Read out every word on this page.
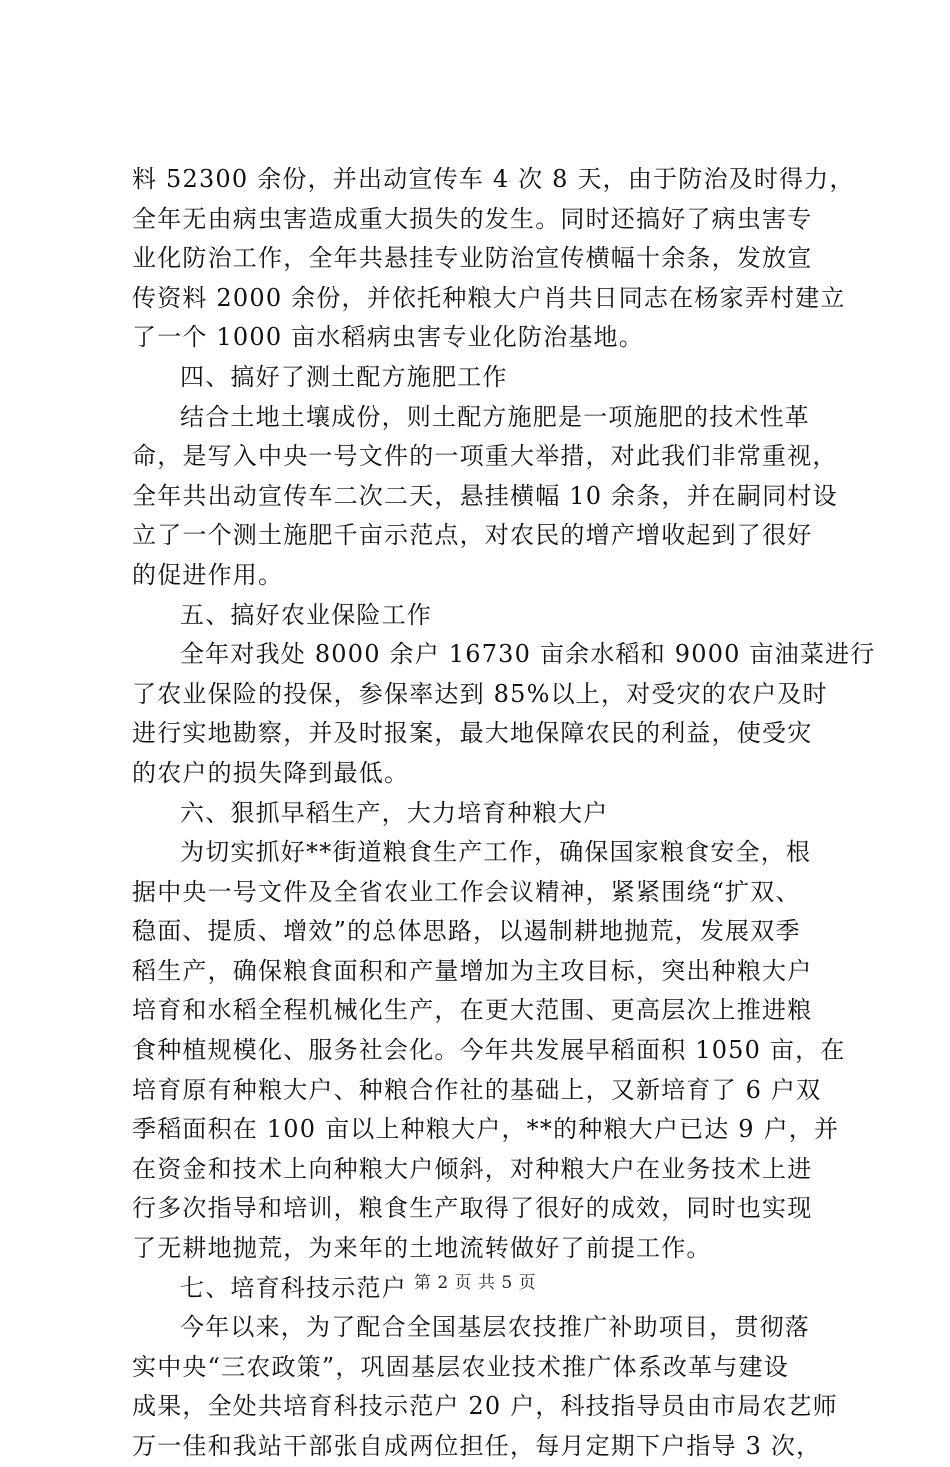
料 52300 余份，并出动宣传车 4 次 8 天，由于防治及时得力，
全年无由病虫害造成重大损失的发生。同时还搞好了病虫害专
业化防治工作，全年共悬挂专业防治宣传横幅十余条，发放宣
传资料 2000 余份，并依托种粮大户肖共日同志在杨家弄村建立
了一个 1000 亩水稻病虫害专业化防治基地。
四、搞好了测土配方施肥工作
结合土地土壤成份，则土配方施肥是一项施肥的技术性革
命，是写入中央一号文件的一项重大举措，对此我们非常重视，
全年共出动宣传车二次二天，悬挂横幅 10 余条，并在嗣同村设
立了一个测土施肥千亩示范点，对农民的增产增收起到了很好
的促进作用。
五、搞好农业保险工作
全年对我处 8000 余户 16730 亩余水稻和 9000 亩油菜进行
了农业保险的投保，参保率达到 85%以上，对受灾的农户及时
进行实地勘察，并及时报案，最大地保障农民的利益，使受灾
的农户的损失降到最低。
六、狠抓早稻生产，大力培育种粮大户
为切实抓好**街道粮食生产工作，确保国家粮食安全，根
据中央一号文件及全省农业工作会议精神，紧紧围绕“扩双、
稳面、提质、增效”的总体思路，以遏制耕地抛荒，发展双季
稻生产，确保粮食面积和产量增加为主攻目标，突出种粮大户
培育和水稻全程机械化生产，在更大范围、更高层次上推进粮
食种植规模化、服务社会化。今年共发展早稻面积 1050 亩，在
培育原有种粮大户、种粮合作社的基础上，又新培育了 6 户双
季稻面积在 100 亩以上种粮大户，**的种粮大户已达 9 户，并
在资金和技术上向种粮大户倾斜，对种粮大户在业务技术上进
行多次指导和培训，粮食生产取得了很好的成效，同时也实现
了无耕地抛荒，为来年的土地流转做好了前提工作。
七、培育科技示范户
今年以来，为了配合全国基层农技推广补助项目，贯彻落
实中央“三农政策”，巩固基层农业技术推广体系改革与建设
成果，全处共培育科技示范户 20 户，科技指导员由市局农艺师
万一佳和我站干部张自成两位担任，每月定期下户指导 3 次，
第 2 页 共 5 页
